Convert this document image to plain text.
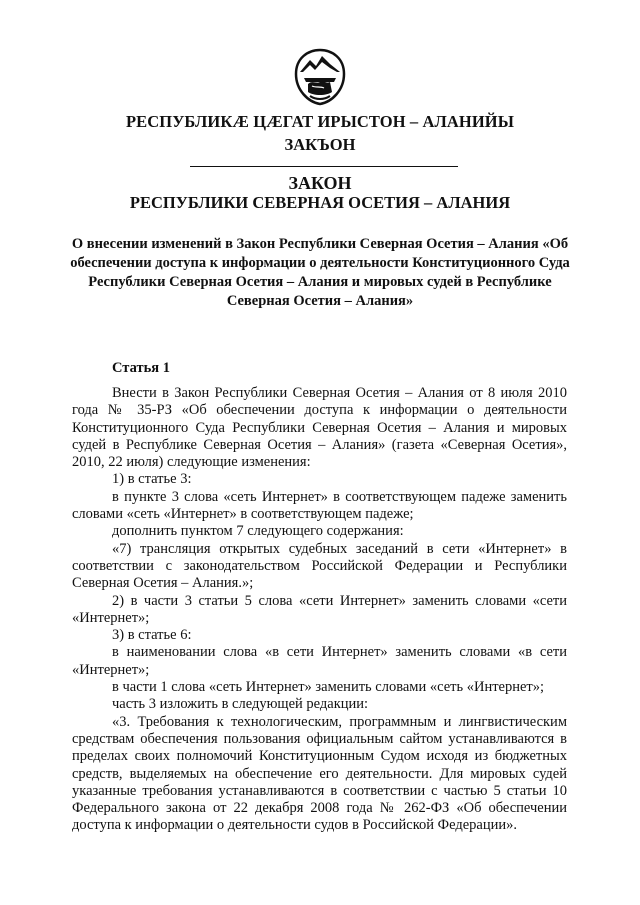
РЕСПУБЛИКӔ ЦӔГАТ ИРЫСТОН – АЛАНИЙЫ
ЗАКЪОН
ЗАКОН
РЕСПУБЛИКИ СЕВЕРНАЯ ОСЕТИЯ – АЛАНИЯ
О внесении изменений в Закон Республики Северная Осетия – Алания «Об обеспечении доступа к информации о деятельности Конституционного Суда Республики Северная Осетия – Алания и мировых судей в Республике Северная Осетия – Алания»
Статья 1

Внести в Закон Республики Северная Осетия – Алания от 8 июля 2010 года № 35-РЗ «Об обеспечении доступа к информации о деятельности Конституционного Суда Республики Северная Осетия – Алания и мировых судей в Республике Северная Осетия – Алания» (газета «Северная Осетия», 2010, 22 июля) следующие изменения:

1) в статье 3:

в пункте 3 слова «сеть Интернет» в соответствующем падеже заменить словами «сеть «Интернет» в соответствующем падеже;

дополнить пунктом 7 следующего содержания:

«7) трансляция открытых судебных заседаний в сети «Интернет» в соответствии с законодательством Российской Федерации и Республики Северная Осетия – Алания.»;

2) в части 3 статьи 5 слова «сети Интернет» заменить словами «сети «Интернет»;

3) в статье 6:

в наименовании слова «в сети Интернет» заменить словами «в сети «Интернет»;

в части 1 слова «сеть Интернет» заменить словами «сеть «Интернет»;

часть 3 изложить в следующей редакции:

«3. Требования к технологическим, программным и лингвистическим средствам обеспечения пользования официальным сайтом устанавливаются в пределах своих полномочий Конституционным Судом исходя из бюджетных средств, выделяемых на обеспечение его деятельности. Для мировых судей указанные требования устанавливаются в соответствии с частью 5 статьи 10 Федерального закона от 22 декабря 2008 года № 262-ФЗ «Об обеспечении доступа к информации о деятельности судов в Российской Федерации».
